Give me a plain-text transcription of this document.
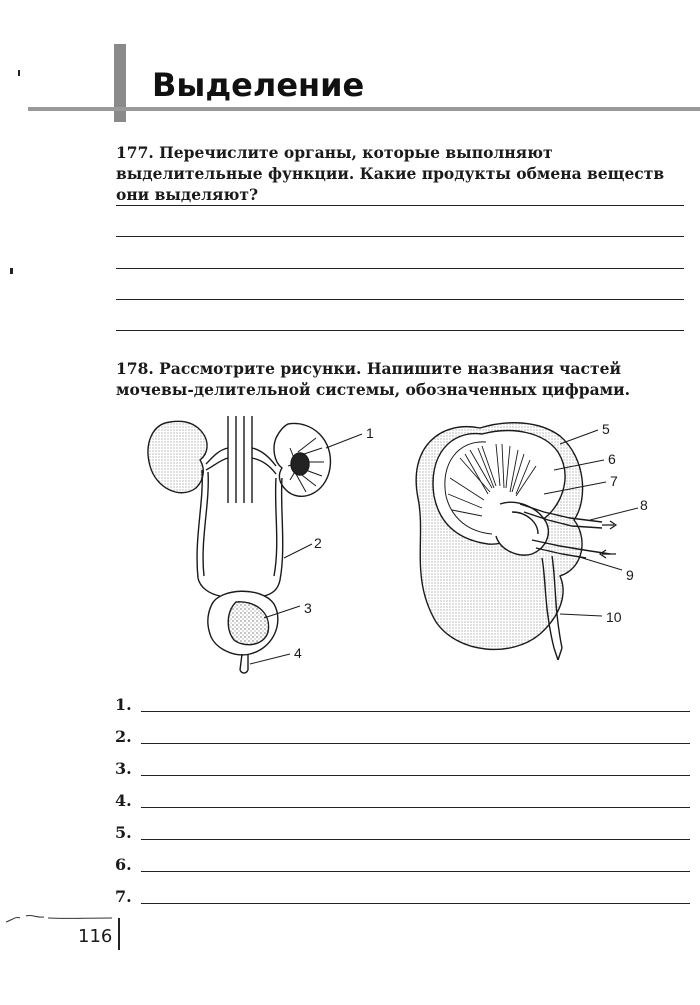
Выделение
177. Перечислите органы, которые выполняют выделительные функции. Какие продукты обмена веществ они выделяют?
178. Рассмотрите рисунки. Напишите названия частей мочевы-делительной системы, обозначенных цифрами.
1
2
3
4
5
6
7
8
9
10
1.
2.
3.
4.
5.
6.
7.
116
